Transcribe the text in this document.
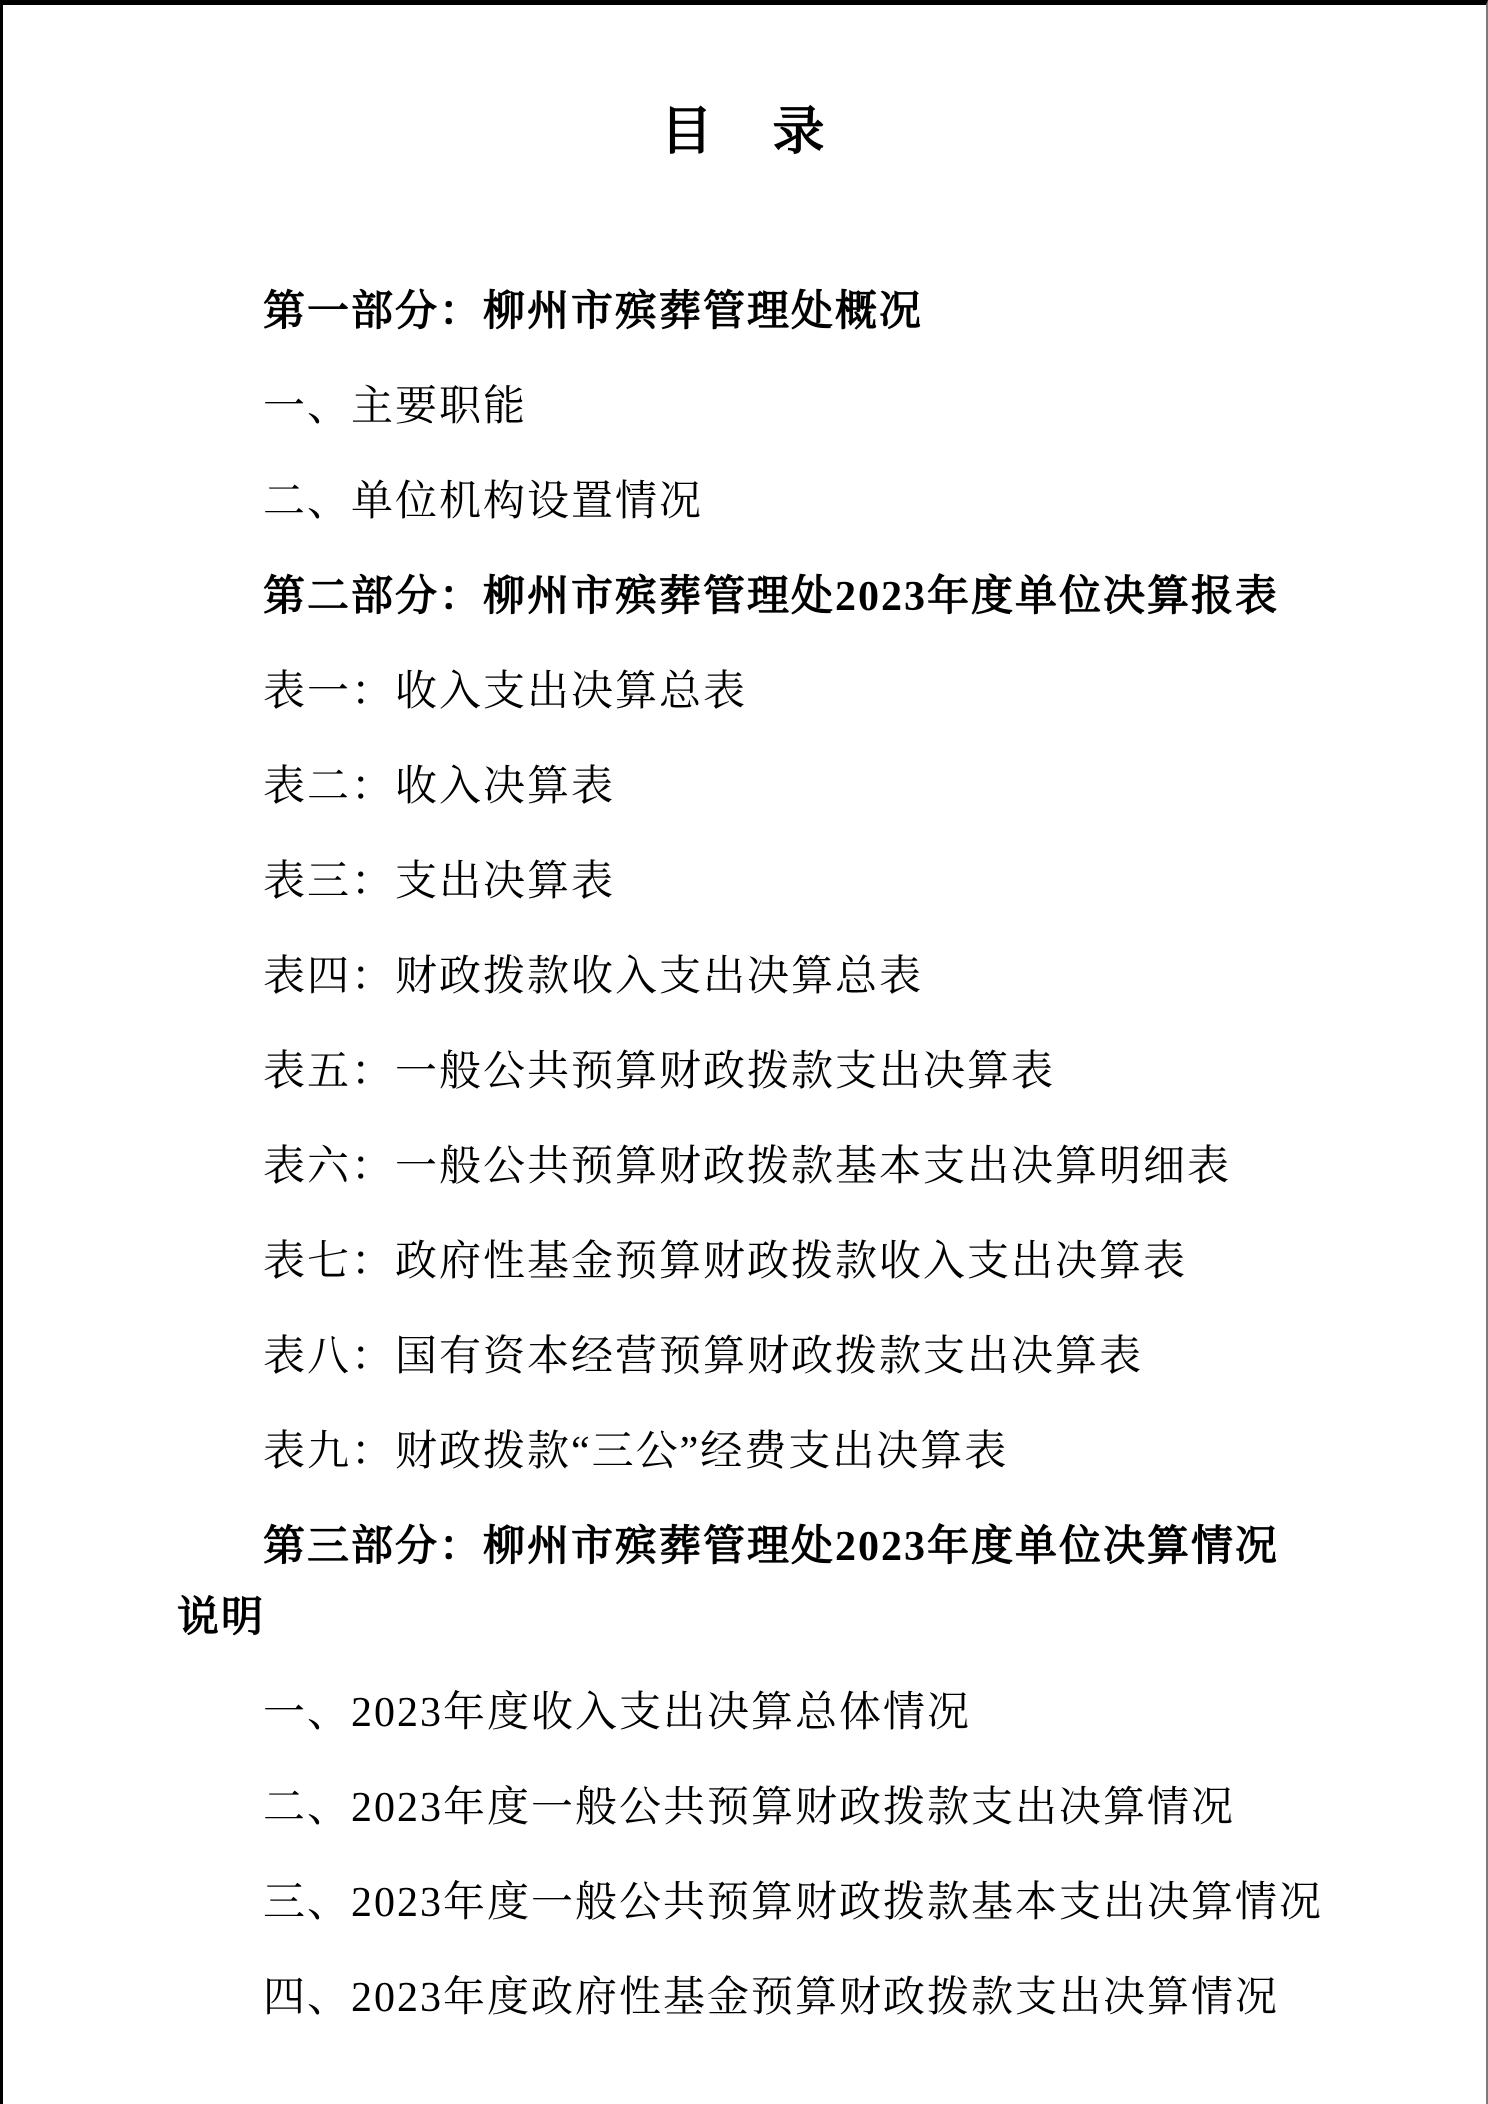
目　录
第一部分：柳州市殡葬管理处概况
一、主要职能
二、单位机构设置情况
第二部分：柳州市殡葬管理处2023年度单位决算报表
表一：收入支出决算总表
表二：收入决算表
表三：支出决算表
表四：财政拨款收入支出决算总表
表五：一般公共预算财政拨款支出决算表
表六：一般公共预算财政拨款基本支出决算明细表
表七：政府性基金预算财政拨款收入支出决算表
表八：国有资本经营预算财政拨款支出决算表
表九：财政拨款“三公”经费支出决算表
第三部分：柳州市殡葬管理处2023年度单位决算情况
说明
一、2023年度收入支出决算总体情况
二、2023年度一般公共预算财政拨款支出决算情况
三、2023年度一般公共预算财政拨款基本支出决算情况
四、2023年度政府性基金预算财政拨款支出决算情况
